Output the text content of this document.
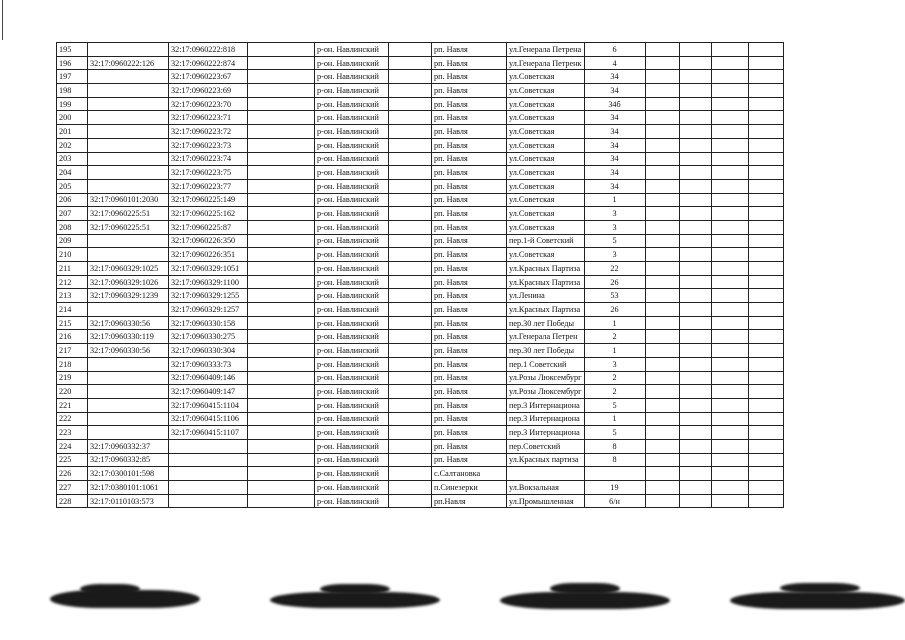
195		32:17:0960222:818		р-он. Навлинский		рп. Навля	ул.Генерала Петрена	6				
196	32:17:0960222:126	32:17:0960222:874		р-он. Навлинский		рп. Навля	ул.Генерала Петренк	4				
197		32:17:0960223:67		р-он. Навлинский		рп. Навля	ул.Советская	34				
198		32:17:0960223:69		р-он. Навлинский		рп. Навля	ул.Советская	34				
199		32:17:0960223:70		р-он. Навлинский		рп. Навля	ул.Советская	34б				
200		32:17:0960223:71		р-он. Навлинский		рп. Навля	ул.Советская	34				
201		32:17:0960223:72		р-он. Навлинский		рп. Навля	ул.Советская	34				
202		32:17:0960223:73		р-он. Навлинский		рп. Навля	ул.Советская	34				
203		32:17:0960223:74		р-он. Навлинский		рп. Навля	ул.Советская	34				
204		32:17:0960223:75		р-он. Навлинский		рп. Навля	ул.Советская	34				
205		32:17:0960223:77		р-он. Навлинский		рп. Навля	ул.Советская	34				
206	32:17:0960101:2030	32:17:0960225:149		р-он. Навлинский		рп. Навля	ул.Советская	1				
207	32:17:0960225:51	32:17:0960225:162		р-он. Навлинский		рп. Навля	ул.Советская	3				
208	32:17:0960225:51	32:17:0960225:87		р-он. Навлинский		рп. Навля	ул.Советская	3				
209		32:17:0960226:350		р-он. Навлинский		рп. Навля	пер.1-й Советский	5				
210		32:17:0960226:351		р-он. Навлинский		рп. Навля	ул.Советская	3				
211	32:17:0960329:1025	32:17:0960329:1051		р-он. Навлинский		рп. Навля	ул.Красных Партиза	22				
212	32:17:0960329:1026	32:17:0960329:1100		р-он. Навлинский		рп. Навля	ул.Красных Партиза	26				
213	32:17:0960329:1239	32:17:0960329:1255		р-он. Навлинский		рп. Навля	ул.Ленина	53				
214		32:17:0960329:1257		р-он. Навлинский		рп. Навля	ул.Красных Партиза	26				
215	32:17:0960330:56	32:17:0960330:158		р-он. Навлинский		рп. Навля	пер.30 лет Победы	1				
216	32:17:0960330:119	32:17:0960330:275		р-он. Навлинский		рп. Навля	ул.Генерала Петрен	2				
217	32:17:0960330:56	32:17:0960330:304		р-он. Навлинский		рп. Навля	пер.30 лет Победы	1				
218		32:17:0960333:73		р-он. Навлинский		рп. Навля	пер.1 Советский	3				
219		32:17:0960409:146		р-он. Навлинский		рп. Навля	ул.Розы Люксембург	2				
220		32:17:0960409:147		р-он. Навлинский		рп. Навля	ул.Розы Люксембург	2				
221		32:17:0960415:1104		р-он. Навлинский		рп. Навля	пер.3 Интернациона	5				
222		32:17:0960415:1106		р-он. Навлинский		рп. Навля	пер.3 Интернациона	1				
223		32:17:0960415:1107		р-он. Навлинский		рп. Навля	пер.3 Интернациона	5				
224	32:17:0960332:37			р-он. Навлинский		рп. Навля	пер.Советский	8				
225	32:17:0960332:85			р-он. Навлинский		рп. Навля	ул.Красных партиза	8				
226	32:17:0300101:598			р-он. Навлинский		с.Салтановка						
227	32:17:0380101:1061			р-он. Навлинский		п.Синезерки	ул.Вокзальная	19				
228	32:17:0110103:573			р-он. Навлинский		рп.Навля	ул.Промышленная	6/н				
